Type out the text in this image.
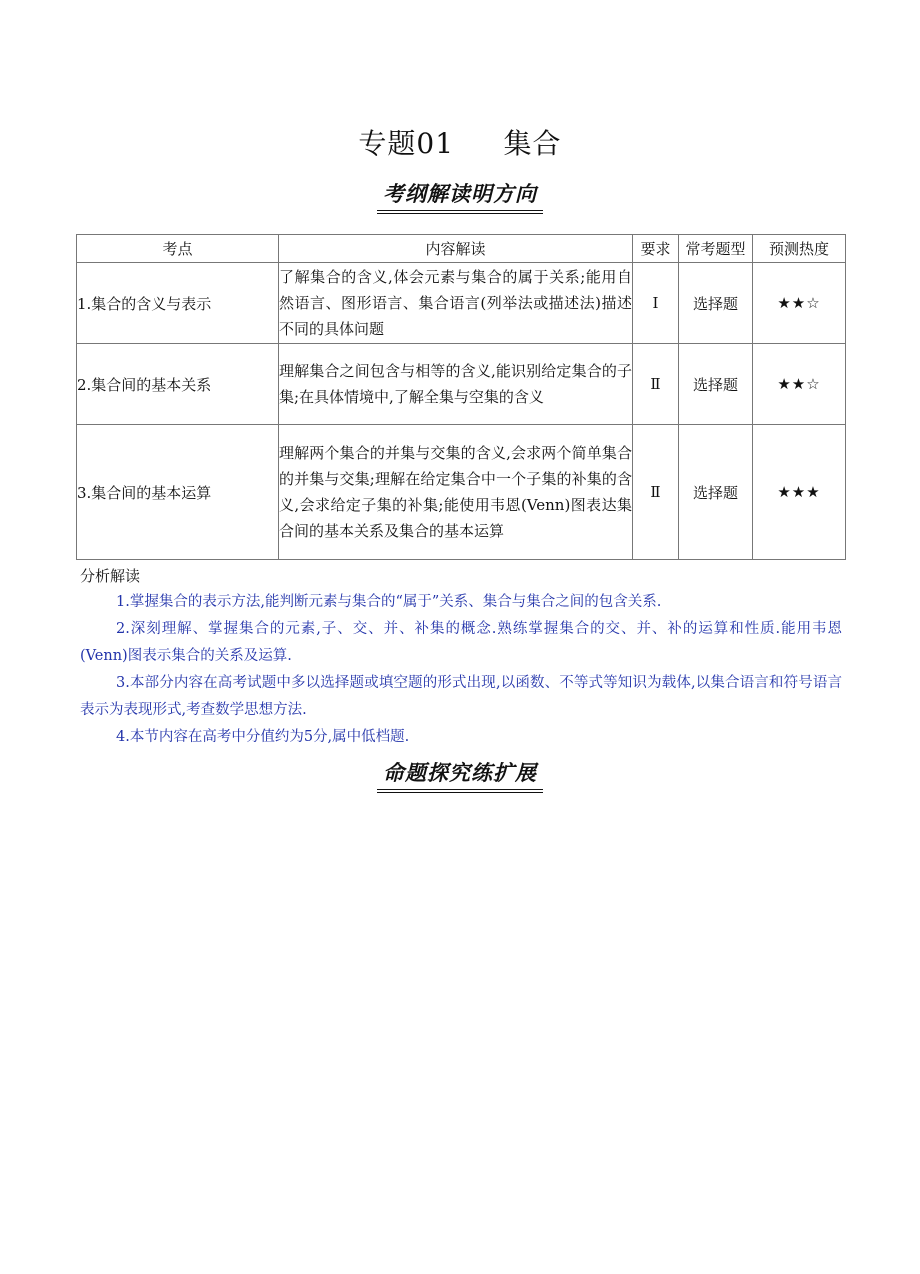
专题01     集合
考纲解读明方向
考点	内容解读	要求	常考题型	预测热度
1.集合的含义与表示	了解集合的含义,体会元素与集合的属于关系;能用自然语言、图形语言、集合语言(列举法或描述法)描述不同的具体问题	Ⅰ	选择题	★★☆
2.集合间的基本关系	理解集合之间包含与相等的含义,能识别给定集合的子集;在具体情境中,了解全集与空集的含义	Ⅱ	选择题	★★☆
3.集合间的基本运算	理解两个集合的并集与交集的含义,会求两个简单集合的并集与交集;理解在给定集合中一个子集的补集的含义,会求给定子集的补集;能使用韦恩(Venn)图表达集合间的基本关系及集合的基本运算	Ⅱ	选择题	★★★
分析解读

1.掌握集合的表示方法,能判断元素与集合的“属于”关系、集合与集合之间的包含关系.

2.深刻理解、掌握集合的元素,子、交、并、补集的概念.熟练掌握集合的交、并、补的运算和性质.能用韦恩(Venn)图表示集合的关系及运算.

3.本部分内容在高考试题中多以选择题或填空题的形式出现,以函数、不等式等知识为载体,以集合语言和符号语言表示为表现形式,考查数学思想方法.

4.本节内容在高考中分值约为5分,属中低档题.

命题探究练扩展
